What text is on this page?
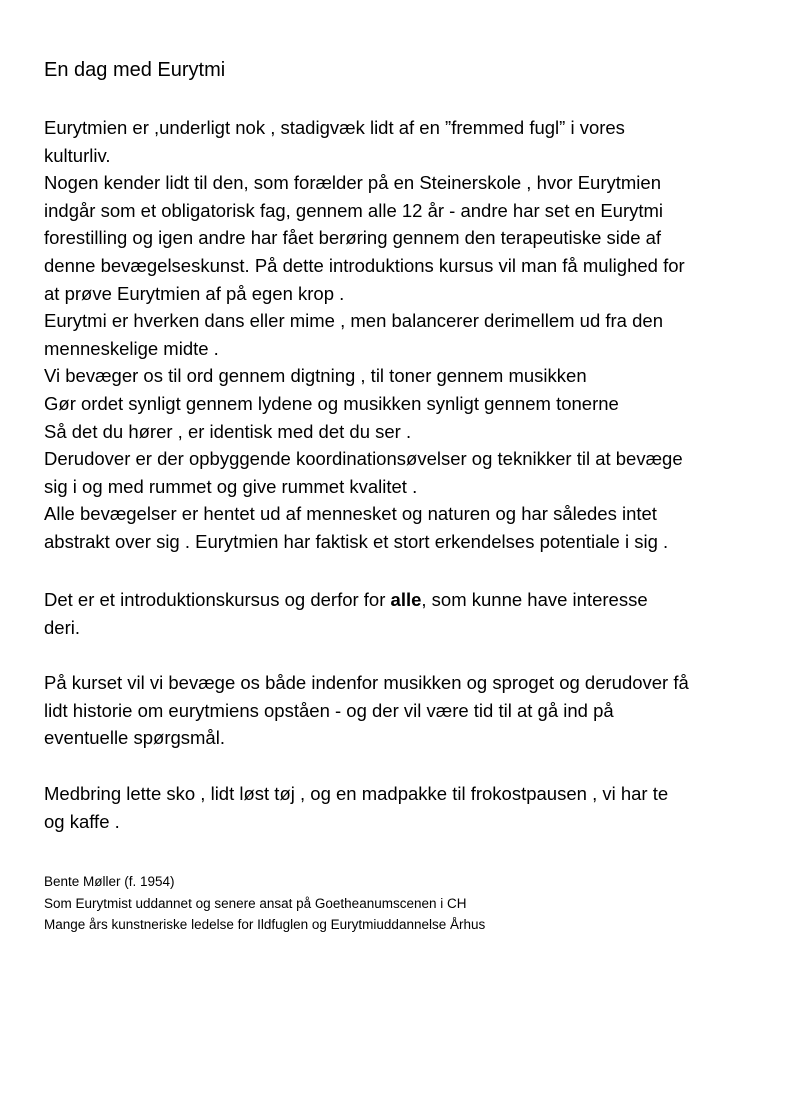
En dag med Eurytmi
Eurytmien er ,underligt nok , stadigvæk lidt af en ”fremmed fugl” i vores
kulturliv.
Nogen kender lidt til den, som forælder på en Steinerskole , hvor Eurytmien
indgår som et obligatorisk fag, gennem alle 12 år - andre har set en Eurytmi
forestilling og igen andre har fået berøring gennem den terapeutiske side af
denne bevægelseskunst. På dette introduktions kursus vil man få mulighed for
at prøve Eurytmien af på egen krop .
Eurytmi er hverken dans eller mime , men balancerer derimellem ud fra den
menneskelige midte .
Vi bevæger os til ord gennem digtning , til toner gennem musikken
Gør ordet synligt gennem lydene og musikken synligt gennem tonerne
Så det du hører , er identisk med det du ser .
Derudover er der opbyggende koordinationsøvelser og teknikker til at bevæge
sig i og med rummet og give rummet kvalitet .
Alle bevægelser er hentet ud af mennesket og naturen og har således intet
abstrakt over sig . Eurytmien har faktisk et stort erkendelses potentiale i sig .
Det er et introduktionskursus og derfor for alle, som kunne have interesse
deri.
På kurset vil vi bevæge os både indenfor musikken og sproget og derudover få
lidt historie om eurytmiens opståen - og der vil være tid til at gå ind på
eventuelle spørgsmål.
Medbring lette sko , lidt løst tøj , og en madpakke til frokostpausen , vi har te
og kaffe .
Bente Møller (f. 1954)
Som Eurytmist uddannet og senere ansat på Goetheanumscenen i CH
Mange års kunstneriske ledelse for Ildfuglen og Eurytmiuddannelse Århus
